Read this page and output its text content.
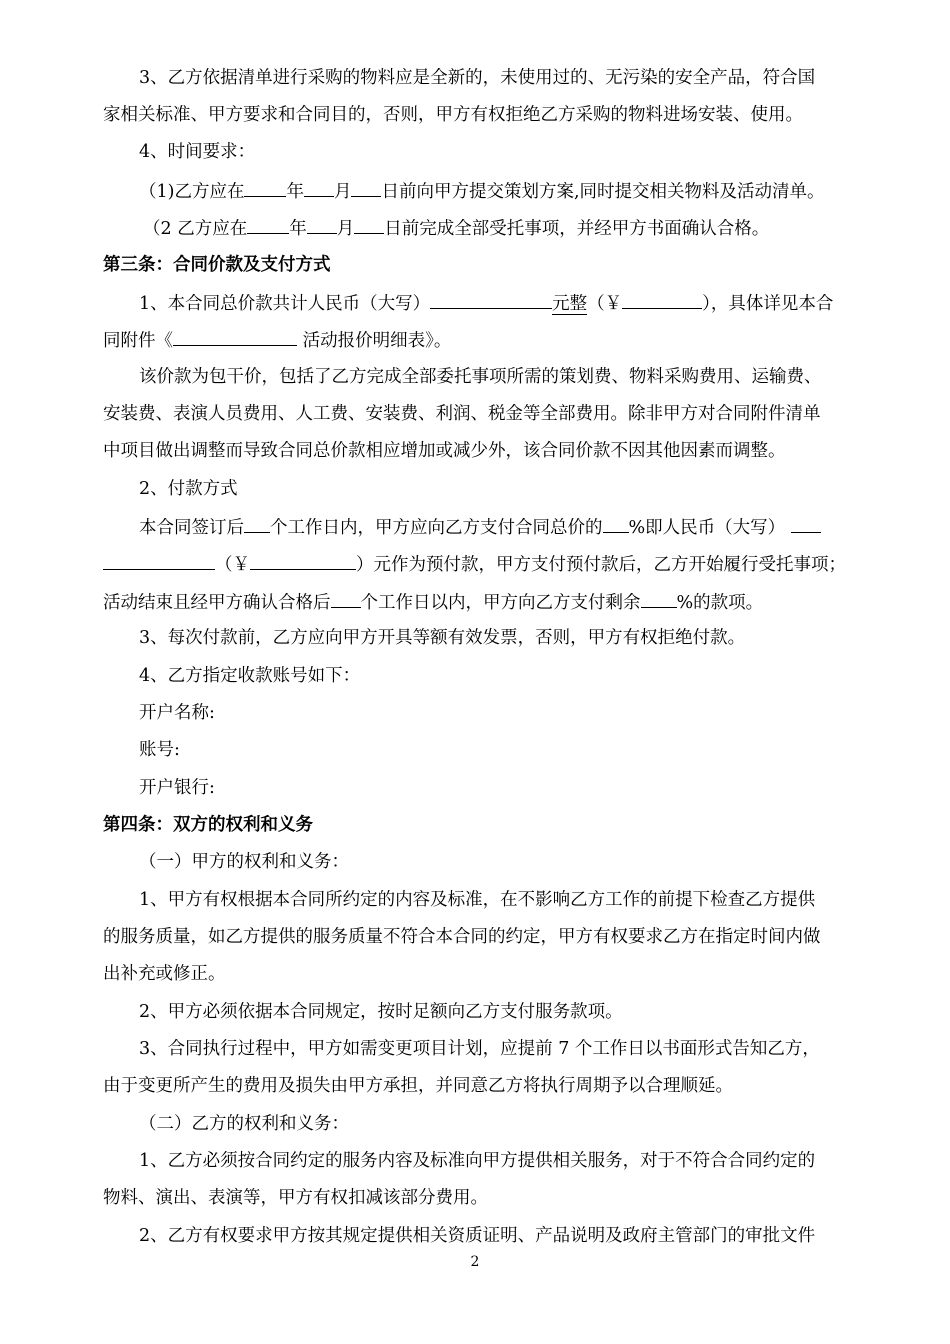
3、乙方依据清单进行采购的物料应是全新的，未使用过的、无污染的安全产品，符合国
家相关标准、甲方要求和合同目的，否则，甲方有权拒绝乙方采购的物料进场安装、使用。
4、时间要求：
（1)乙方应在 年 月 日前向甲方提交策划方案,同时提交相关物料及活动清单。
（2 乙方应在 年 月 日前完成全部受托事项，并经甲方书面确认合格。
第三条：合同价款及支付方式
1、本合同总价款共计人民币（大写）	元整（￥	），具体详见本合
同附件《	活动报价明细表》。
该价款为包干价，包括了乙方完成全部委托事项所需的策划费、物料采购费用、运输费、
安装费、表演人员费用、人工费、安装费、利润、税金等全部费用。除非甲方对合同附件清单
中项目做出调整而导致合同总价款相应增加或减少外，该合同价款不因其他因素而调整。
2、付款方式
本合同签订后 个工作日内，甲方应向乙方支付合同总价的 %即人民币（大写）
（￥	）元作为预付款，甲方支付预付款后，乙方开始履行受托事项；
活动结束且经甲方确认合格后 个工作日以内，甲方向乙方支付剩余 %的款项。
3、每次付款前，乙方应向甲方开具等额有效发票，否则，甲方有权拒绝付款。
4、乙方指定收款账号如下：
开户名称:
账号:
开户银行:
第四条：双方的权利和义务
（一）甲方的权利和义务：
1、甲方有权根据本合同所约定的内容及标准，在不影响乙方工作的前提下检查乙方提供
的服务质量，如乙方提供的服务质量不符合本合同的约定，甲方有权要求乙方在指定时间内做
出补充或修正。
2、甲方必须依据本合同规定，按时足额向乙方支付服务款项。
3、合同执行过程中，甲方如需变更项目计划，应提前 7 个工作日以书面形式告知乙方，
由于变更所产生的费用及损失由甲方承担，并同意乙方将执行周期予以合理顺延。
（二）乙方的权利和义务：
1、乙方必须按合同约定的服务内容及标准向甲方提供相关服务，对于不符合合同约定的
物料、演出、表演等，甲方有权扣减该部分费用。
2、乙方有权要求甲方按其规定提供相关资质证明、产品说明及政府主管部门的审批文件
2
